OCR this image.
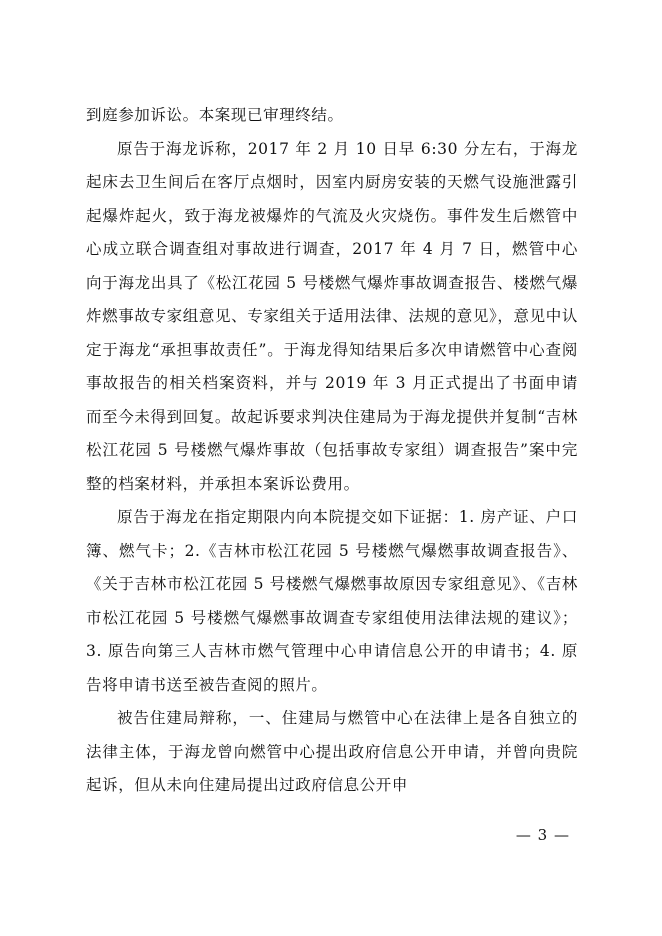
到庭参加诉讼。本案现已审理终结。

原告于海龙诉称，2017 年 2 月 10 日早 6:30 分左右，于海龙起床去卫生间后在客厅点烟时，因室内厨房安装的天燃气设施泄露引起爆炸起火，致于海龙被爆炸的气流及火灾烧伤。事件发生后燃管中心成立联合调查组对事故进行调查，2017 年 4 月 7 日，燃管中心向于海龙出具了《松江花园 5 号楼燃气爆炸事故调查报告、楼燃气爆炸燃事故专家组意见、专家组关于适用法律、法规的意见》，意见中认定于海龙“承担事故责任”。于海龙得知结果后多次申请燃管中心查阅事故报告的相关档案资料，并与 2019 年 3 月正式提出了书面申请而至今未得到回复。故起诉要求判决住建局为于海龙提供并复制“吉林松江花园 5 号楼燃气爆炸事故（包括事故专家组）调查报告”案中完整的档案材料，并承担本案诉讼费用。

原告于海龙在指定期限内向本院提交如下证据：1. 房产证、户口簿、燃气卡；2.《吉林市松江花园 5 号楼燃气爆燃事故调查报告》、《关于吉林市松江花园 5 号楼燃气爆燃事故原因专家组意见》、《吉林市松江花园 5 号楼燃气爆燃事故调查专家组使用法律法规的建议》；3. 原告向第三人吉林市燃气管理中心申请信息公开的申请书；4. 原告将申请书送至被告查阅的照片。

被告住建局辩称，一、住建局与燃管中心在法律上是各自独立的法律主体，于海龙曾向燃管中心提出政府信息公开申请，并曾向贵院起诉，但从未向住建局提出过政府信息公开申

— 3 —
